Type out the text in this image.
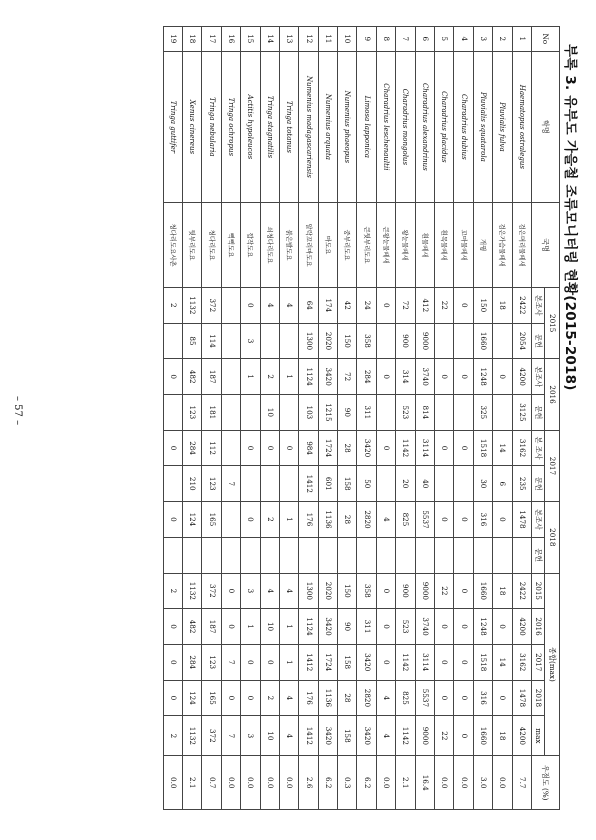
부록 3. 유부도 가을철 조류모니터링 현황(2015-2018)
No	학명	국명	2015		2016		2017		2018		종합(max)					우점도 (%)
			본조사	문헌	본조사	문헌	본 조사	문헌	본조사	문헌	2015	2016	2017	2018	max	
1	Haematopus ostralegus	검은머리물떼새	2422	2054	4200	3125	3162	235	1478		2422	4200	3162	1478	4200	7.7
2	Pluvialis fulva	검은가슴물떼새	18		0		14	6	0		18	0	14	0	18	0.0
3	Pluvialis squatarola	개꿩	150	1660	1248	325	1518	30	316		1660	1248	1518	316	1660	3.0
4	Charadrius dubius	꼬마물떼새	0		0		0		0		0	0	0	0	0	0.0
5	Charadrius placidus	흰목물떼새	22		0		0		0		22	0	0	0	22	0.0
6	Charadrius alexandrinus	흰물떼새	412	9000	3740	814	3114	40	5537		9000	3740	3114	5537	9000	16.4
7	Charadrius mongolus	왕눈물떼새	72	900	314	523	1142	20	825		900	523	1142	825	1142	2.1
8	Charadrius leschenaultii	큰왕눈물떼새	0		0		0		4		0	0	0	4	4	0.0
9	Limosa lapponica	큰뒷부리도요	24	358	284	311	3420	50	2820		358	311	3420	2820	3420	6.2
10	Numenius phaeopus	중부리도요	42	150	72	90	28	158	28		150	90	158	28	158	0.3
11	Numenius arquata	마도요	174	2020	3420	1215	1724	601	1136		2020	3420	1724	1136	3420	6.2
12	Numenius madagascariensis	알락꼬리마도요	64	1300	1124	103	984	1412	176		1300	1124	1412	176	1412	2.6
13	Tringa totanus	붉은발도요	4		1		0		1		4	1	1	4	4	0.0
14	Tringa stagnatilis	쇠청다리도요	4		2	10	0		2		4	10	0	2	10	0.0
15	Actitis hypoleucos	깝작도요	0	3	1		0		0		3	1	0	0	3	0.0
16	Tringa ochropus	삑삑도요						7			0	0	7	0	7	0.0
17	Tringa nebularia	청다리도요	372	114	187	181	112	123	165		372	187	123	165	372	0.7
18	Xenus cinereus	뒷부리도요	1132	85	482	123	284	210	124		1132	482	284	124	1132	2.1
19	Tringa guttifer	청다리도요사촌	2		0		0		0		2	0	0	0	2	0.0
– 57 –
